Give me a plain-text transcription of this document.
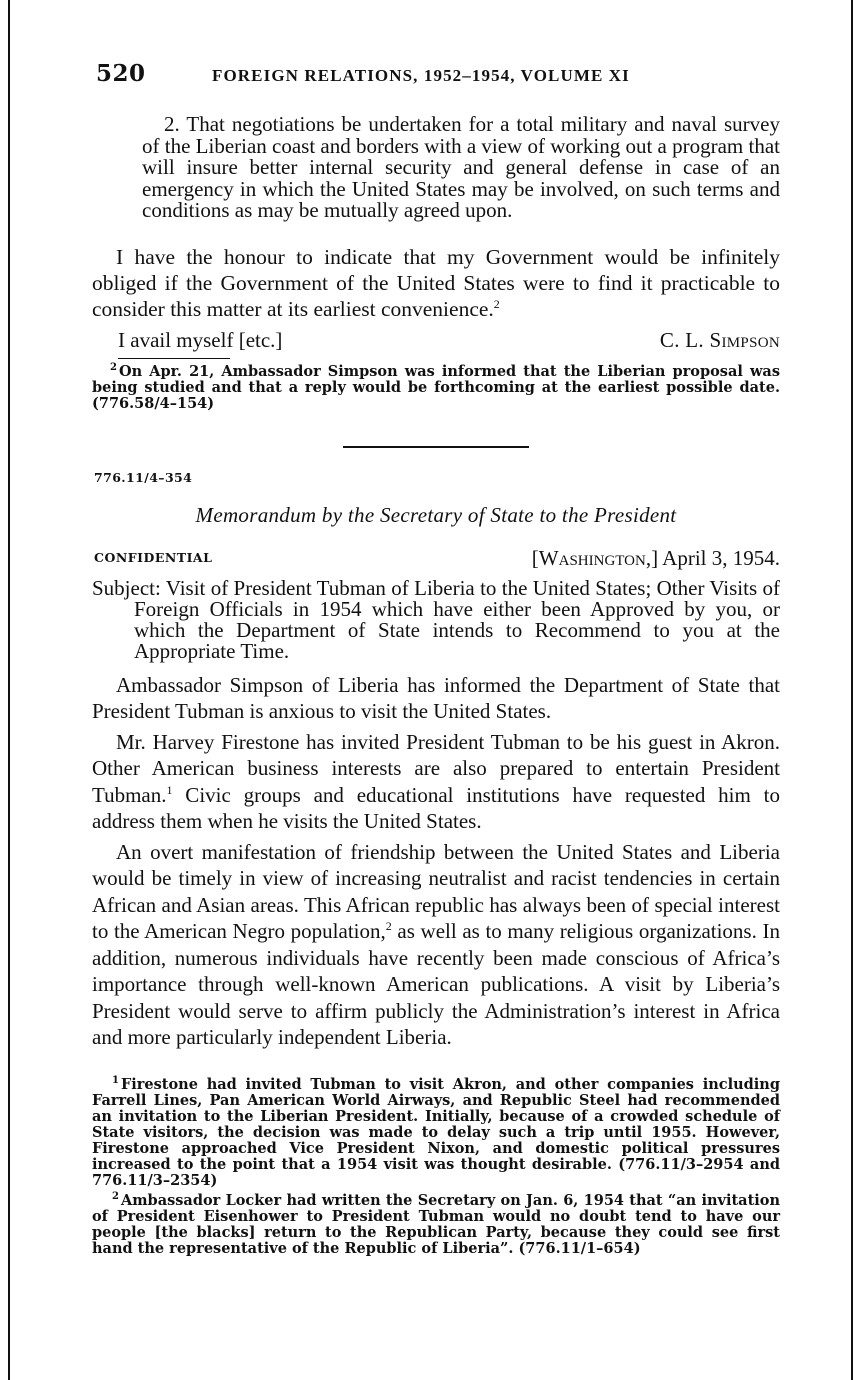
520	FOREIGN RELATIONS, 1952–1954, VOLUME XI

2. That negotiations be undertaken for a total military and naval survey of the Liberian coast and borders with a view of working out a program that will insure better internal security and general defense in case of an emergency in which the United States may be involved, on such terms and conditions as may be mutually agreed upon.

I have the honour to indicate that my Government would be infinitely obliged if the Government of the United States were to find it practicable to consider this matter at its earliest convenience.$^2$

I avail myself [etc.]	C. L. Simpson

$^2$ On Apr. 21, Ambassador Simpson was informed that the Liberian proposal was being studied and that a reply would be forthcoming at the earliest possible date. (776.58/4–154)

776.11/4–354
Memorandum by the Secretary of State to the President
CONFIDENTIAL	[Washington,] April 3, 1954.
Subject: Visit of President Tubman of Liberia to the United States; Other Visits of Foreign Officials in 1954 which have either been Approved by you, or which the Department of State intends to Recommend to you at the Appropriate Time.

Ambassador Simpson of Liberia has informed the Department of State that President Tubman is anxious to visit the United States.

Mr. Harvey Firestone has invited President Tubman to be his guest in Akron. Other American business interests are also prepared to entertain President Tubman.$^1$ Civic groups and educational institutions have requested him to address them when he visits the United States.

An overt manifestation of friendship between the United States and Liberia would be timely in view of increasing neutralist and racist tendencies in certain African and Asian areas. This African republic has always been of special interest to the American Negro population,$^2$ as well as to many religious organizations. In addition, numerous individuals have recently been made conscious of Africa’s importance through well-known American publications. A visit by Liberia’s President would serve to affirm publicly the Administration’s interest in Africa and more particularly independent Liberia.

$^1$ Firestone had invited Tubman to visit Akron, and other companies including Farrell Lines, Pan American World Airways, and Republic Steel had recommended an invitation to the Liberian President. Initially, because of a crowded schedule of State visitors, the decision was made to delay such a trip until 1955. However, Firestone approached Vice President Nixon, and domestic political pressures increased to the point that a 1954 visit was thought desirable. (776.11/3–2954 and 776.11/3–2354)

$^2$ Ambassador Locker had written the Secretary on Jan. 6, 1954 that “an invitation of President Eisenhower to President Tubman would no doubt tend to have our people [the blacks] return to the Republican Party, because they could see first hand the representative of the Republic of Liberia”. (776.11/1–654)
